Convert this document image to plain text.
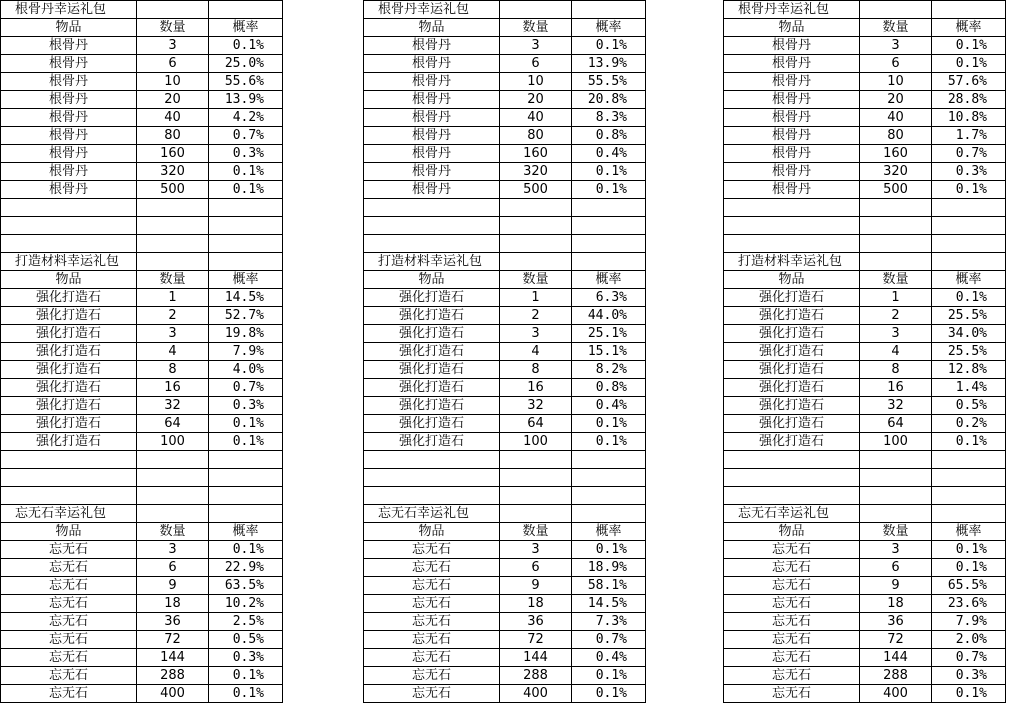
根骨丹幸运礼包		
物品	数量	概率
根骨丹	3	0.1%
根骨丹	6	25.0%
根骨丹	10	55.6%
根骨丹	20	13.9%
根骨丹	40	4.2%
根骨丹	80	0.7%
根骨丹	160	0.3%
根骨丹	320	0.1%
根骨丹	500	0.1%

打造材料幸运礼包		
物品	数量	概率
强化打造石	1	14.5%
强化打造石	2	52.7%
强化打造石	3	19.8%
强化打造石	4	7.9%
强化打造石	8	4.0%
强化打造石	16	0.7%
强化打造石	32	0.3%
强化打造石	64	0.1%
强化打造石	100	0.1%

忘无石幸运礼包		
物品	数量	概率
忘无石	3	0.1%
忘无石	6	22.9%
忘无石	9	63.5%
忘无石	18	10.2%
忘无石	36	2.5%
忘无石	72	0.5%
忘无石	144	0.3%
忘无石	288	0.1%
忘无石	400	0.1%
根骨丹幸运礼包		
物品	数量	概率
根骨丹	3	0.1%
根骨丹	6	13.9%
根骨丹	10	55.5%
根骨丹	20	20.8%
根骨丹	40	8.3%
根骨丹	80	0.8%
根骨丹	160	0.4%
根骨丹	320	0.1%
根骨丹	500	0.1%

打造材料幸运礼包		
物品	数量	概率
强化打造石	1	6.3%
强化打造石	2	44.0%
强化打造石	3	25.1%
强化打造石	4	15.1%
强化打造石	8	8.2%
强化打造石	16	0.8%
强化打造石	32	0.4%
强化打造石	64	0.1%
强化打造石	100	0.1%

忘无石幸运礼包		
物品	数量	概率
忘无石	3	0.1%
忘无石	6	18.9%
忘无石	9	58.1%
忘无石	18	14.5%
忘无石	36	7.3%
忘无石	72	0.7%
忘无石	144	0.4%
忘无石	288	0.1%
忘无石	400	0.1%
根骨丹幸运礼包		
物品	数量	概率
根骨丹	3	0.1%
根骨丹	6	0.1%
根骨丹	10	57.6%
根骨丹	20	28.8%
根骨丹	40	10.8%
根骨丹	80	1.7%
根骨丹	160	0.7%
根骨丹	320	0.3%
根骨丹	500	0.1%

打造材料幸运礼包		
物品	数量	概率
强化打造石	1	0.1%
强化打造石	2	25.5%
强化打造石	3	34.0%
强化打造石	4	25.5%
强化打造石	8	12.8%
强化打造石	16	1.4%
强化打造石	32	0.5%
强化打造石	64	0.2%
强化打造石	100	0.1%

忘无石幸运礼包		
物品	数量	概率
忘无石	3	0.1%
忘无石	6	0.1%
忘无石	9	65.5%
忘无石	18	23.6%
忘无石	36	7.9%
忘无石	72	2.0%
忘无石	144	0.7%
忘无石	288	0.3%
忘无石	400	0.1%
